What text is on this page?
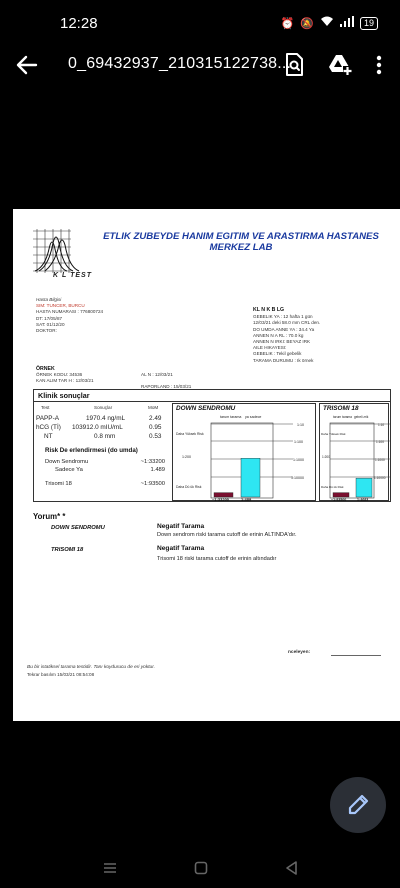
12:28	⏰ 🔕	19
0_69432937_210315122738...
K L TEST
ETLIK ZUBEYDE HANIM EGITIM VE ARASTIRMA HASTANES MERKEZ LAB
Hasta Bilgisi
SIM: TUNCER, BURCU
HASTA NUMARASI : 776800724
DT: 17/05/87
SAT: 01/12/20
DOKTOR:
KL N K B LG
GEBELIK YA : 12 hafta 1 gün
12/03/21 deki 58.0 mm CRL den.
DO UMDA ANNE YA : 34.4 Ya
ANNEN N A RL : 70.0 kg
ANNEN N IRKI: BEYAZ IRK
AILE HIKAYESI:
GEBELIK : Tekil gebelik
TARAMA DURUMU : Ik örnek
ÖRNEK
ÖRNEK KODU: 34536
KAN ALIM TAR H : 12/03/21
AL N : 12/03/21
RAPORLAND : 15/03/21
Klinik sonuçlar
Test	Sonuçlar	MoM
PAPP-A	1970.4 ng/mL	2.49
hCG (Tİ) 103912.0 mIU/mL	0.95
NT	0.8 mm	0.53
Risk De erlendirmesi (do umda)
Down Sendromu	~1:33200
Sadece Ya	1.489
Trisomi 18	~1:93500
DOWN SENDROMU
tarum tarama ya sadece
Daha Yüksek Risk
1:200
Daha Dü ük Risk
1:10
1:100
1:1000
1:10000
~1:33200	1:489
TRISOMI 18
tarum tarama gebeli zrik
Daha Yüksek Risk
1:200
Daha Dü ük Risk
1:10
1:100
1:1000
1:10000
~1:93500	1:4683
Yorum* *
DOWN SENDROMU	Negatif Tarama
Down sendrom riski tarama cutoff de erinin ALTINDA'dır.
TRISOMI 18	Negatif Tarama
Trisomi 18 riski tarama cutoff de erinin altındadır
nceleyen:
Bu bir istatiksel tarama testidir. Tanı koydurucu de eri yoktur.
Tekrar basılım 15/03/21 08:54:08
